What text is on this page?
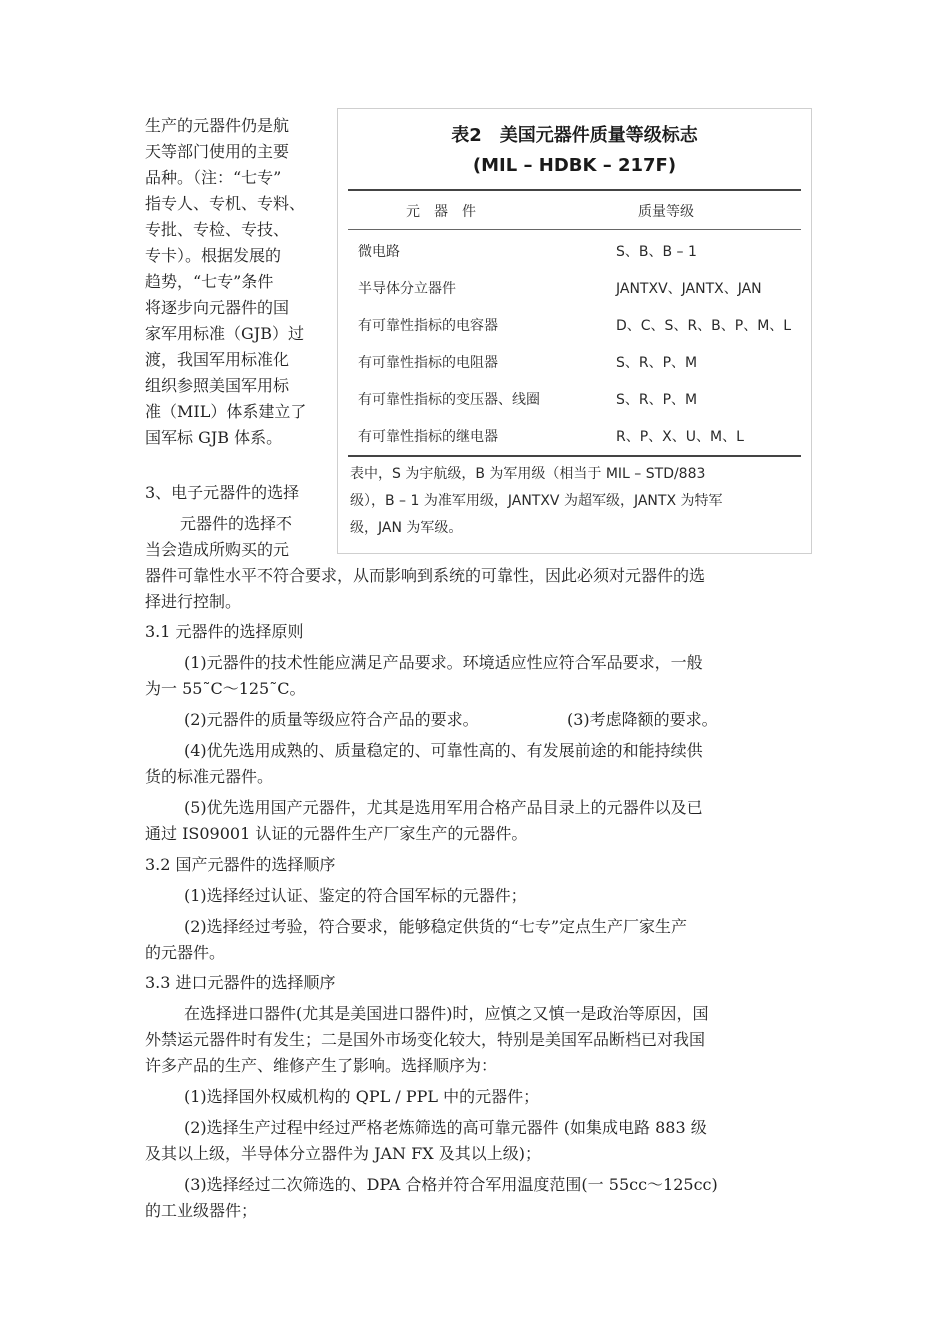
生产的元器件仍是航
天等部门使用的主要
品种。（注：“七专”
指专人、专机、专料、
专批、专检、专技、
专卡）。根据发展的
趋势，“七专”条件
将逐步向元器件的国
家军用标准（GJB）过
渡，我国军用标准化
组织参照美国军用标
准（MIL）体系建立了
国军标 GJB 体系。
表2　美国元器件质量等级标志
(MIL – HDBK – 217F)
元　器　件	质量等级
微电路	S、B、B – 1
半导体分立器件	JANTXV、JANTX、JAN
有可靠性指标的电容器	D、C、S、R、B、P、M、L
有可靠性指标的电阻器	S、R、P、M
有可靠性指标的变压器、线圈	S、R、P、M
有可靠性指标的继电器	R、P、X、U、M、L
表中，S 为宇航级，B 为军用级（相当于 MIL – STD/883
级），B – 1 为准军用级，JANTXV 为超军级，JANTX 为特军
级，JAN 为军级。
3、电子元器件的选择
元器件的选择不
当会造成所购买的元
器件可靠性水平不符合要求，从而影响到系统的可靠性，因此必须对元器件的选
择进行控制。
3.1 元器件的选择原则
(1)元器件的技术性能应满足产品要求。环境适应性应符合军品要求，一般
为一 55˜C～125˜C。
(2)元器件的质量等级应符合产品的要求。	(3)考虑降额的要求。
(4)优先选用成熟的、质量稳定的、可靠性高的、有发展前途的和能持续供
货的标准元器件。
(5)优先选用国产元器件，尤其是选用军用合格产品目录上的元器件以及已
通过 IS09001 认证的元器件生产厂家生产的元器件。
3.2 国产元器件的选择顺序
(1)选择经过认证、鉴定的符合国军标的元器件；
(2)选择经过考验，符合要求，能够稳定供货的“七专”定点生产厂家生产
的元器件。
3.3 进口元器件的选择顺序
在选择进口器件(尤其是美国进口器件)时，应慎之又慎一是政治等原因，国
外禁运元器件时有发生；二是国外市场变化较大，特别是美国军品断档已对我国
许多产品的生产、维修产生了影响。选择顺序为：
(1)选择国外权威机构的 QPL / PPL 中的元器件；
(2)选择生产过程中经过严格老炼筛选的高可靠元器件 (如集成电路 883 级
及其以上级，半导体分立器件为 JAN FX 及其以上级)；
(3)选择经过二次筛选的、DPA 合格并符合军用温度范围(一 55cc～125cc)
的工业级器件；
